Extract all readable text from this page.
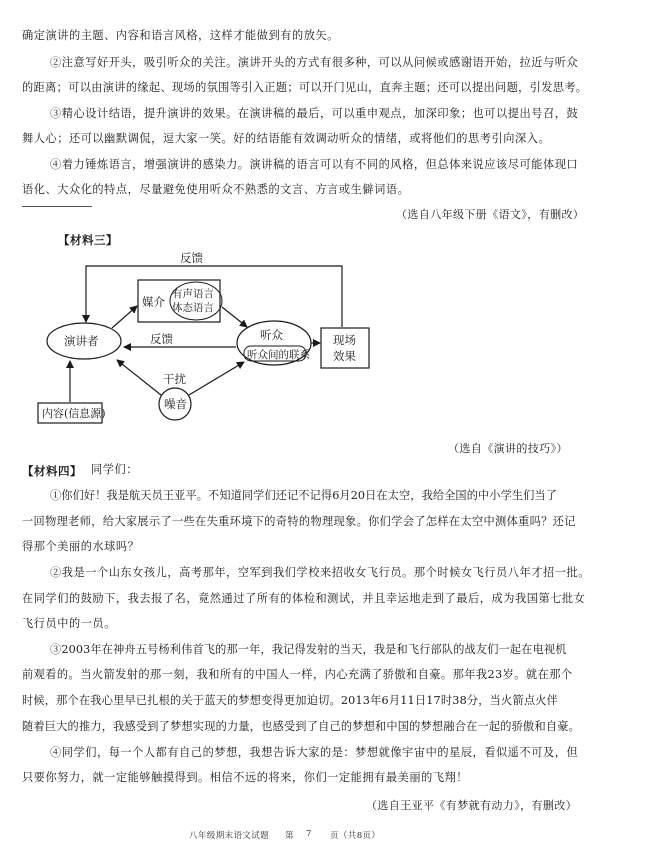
确定演讲的主题、内容和语言风格，这样才能做到有的放矢。
②注意写好开头，吸引听众的关注。演讲开头的方式有很多种，可以从问候或感谢语开始，拉近与听众
的距离；可以由演讲的缘起、现场的氛围等引入正题；可以开门见山，直奔主题；还可以提出问题，引发思考。
③精心设计结语，提升演讲的效果。在演讲稿的最后，可以重申观点，加深印象；也可以提出号召，鼓
舞人心；还可以幽默调侃，逗大家一笑。好的结语能有效调动听众的情绪，或将他们的思考引向深入。
④着力锤炼语言，增强演讲的感染力。演讲稿的语言可以有不同的风格，但总体来说应该尽可能体现口
语化、大众化的特点，尽量避免使用听众不熟悉的文言、方言或生僻词语。
（选自八年级下册《语文》，有删改）
【材料三】
反馈
媒介
有声语言
体态语言
演讲者	听众
听众间的联系
反馈	现场
效果
噪音
干扰
内容(信息源)
（选自《演讲的技巧》）
【材料四】 同学们：
①你们好！我是航天员王亚平。不知道同学们还记不记得6月20日在太空，我给全国的中小学生们当了
一回物理老师，给大家展示了一些在失重环境下的奇特的物理现象。你们学会了怎样在太空中测体重吗？还记
得那个美丽的水球吗？
②我是一个山东女孩儿，高考那年，空军到我们学校来招收女飞行员。那个时候女飞行员八年才招一批。
在同学们的鼓励下，我去报了名，竟然通过了所有的体检和测试，并且幸运地走到了最后，成为我国第七批女
飞行员中的一员。
③2003年在神舟五号杨利伟首飞的那一年，我记得发射的当天，我是和飞行部队的战友们一起在电视机
前观看的。当火箭发射的那一刻，我和所有的中国人一样，内心充满了骄傲和自豪。那年我23岁。就在那个
时候，那个在我心里早已扎根的关于蓝天的梦想变得更加迫切。2013年6月11日17时38分，当火箭点火伴
随着巨大的推力，我感受到了梦想实现的力量，也感受到了自己的梦想和中国的梦想融合在一起的骄傲和自豪。
④同学们，每一个人都有自己的梦想，我想告诉大家的是：梦想就像宇宙中的星辰，看似遥不可及，但
只要你努力，就一定能够触摸得到。相信不远的将来，你们一定能拥有最美丽的飞翔！
（选自王亚平《有梦就有动力》，有删改）
八年级期末语文试题 第 7 页（共8页）
